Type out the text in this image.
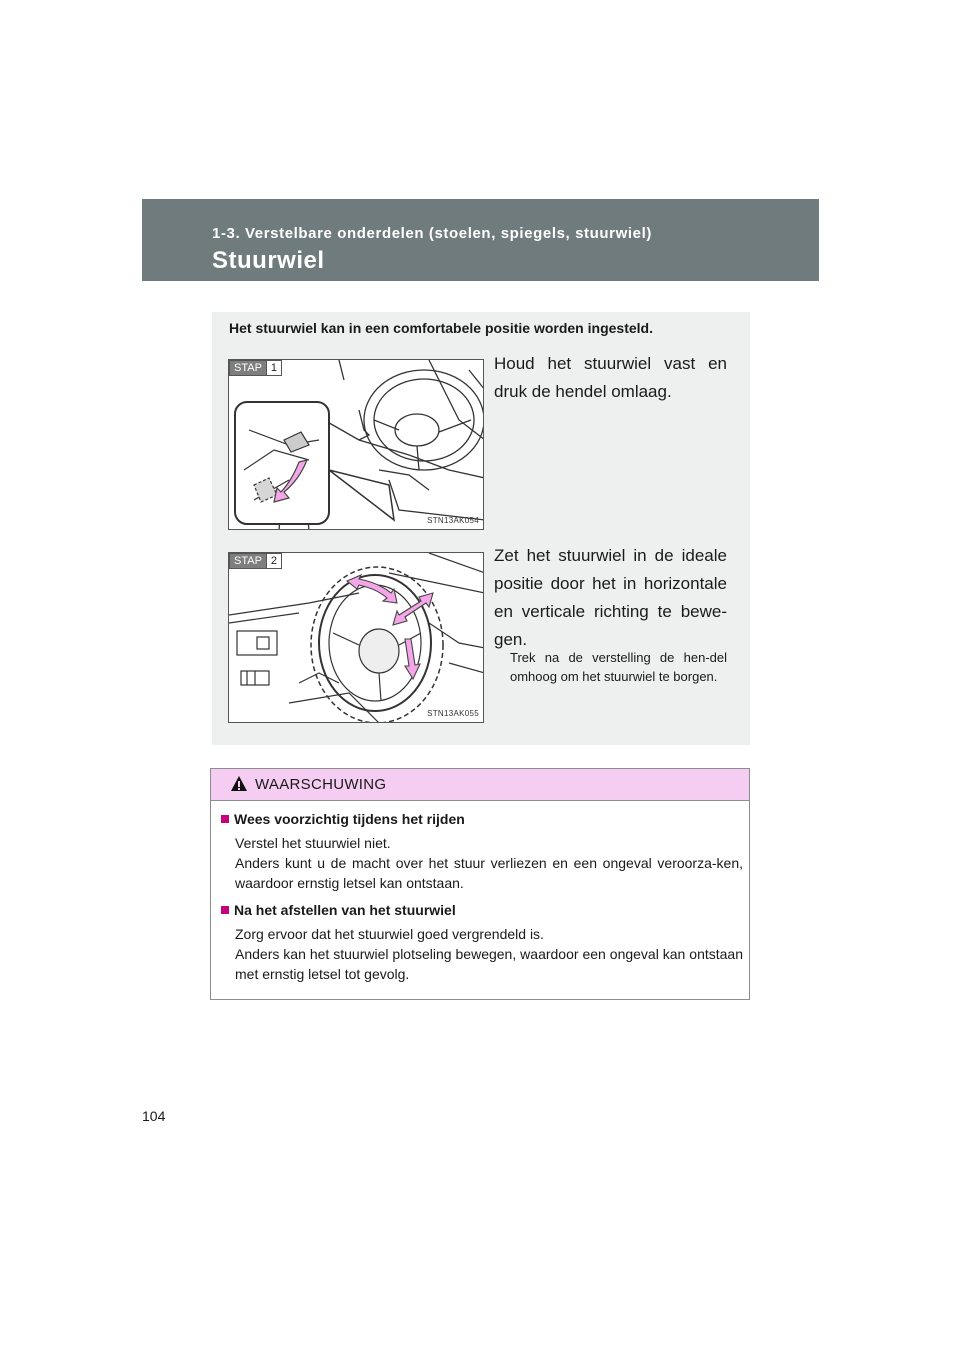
1-3. Verstelbare onderdelen (stoelen, spiegels, stuurwiel)
Stuurwiel
Het stuurwiel kan in een comfortabele positie worden ingesteld.
STAP 1
STN13AK054
Houd het stuurwiel vast en druk de hendel omlaag.
STAP 2
STN13AK055
Zet het stuurwiel in de ideale positie door het in horizontale en verticale richting te bewe-gen.
Trek na de verstelling de hen-del omhoog om het stuurwiel te borgen.
WAARSCHUWING
Wees voorzichtig tijdens het rijden

Verstel het stuurwiel niet.

Anders kunt u de macht over het stuur verliezen en een ongeval veroorza-ken, waardoor ernstig letsel kan ontstaan.

Na het afstellen van het stuurwiel

Zorg ervoor dat het stuurwiel goed vergrendeld is.

Anders kan het stuurwiel plotseling bewegen, waardoor een ongeval kan ontstaan met ernstig letsel tot gevolg.

104
